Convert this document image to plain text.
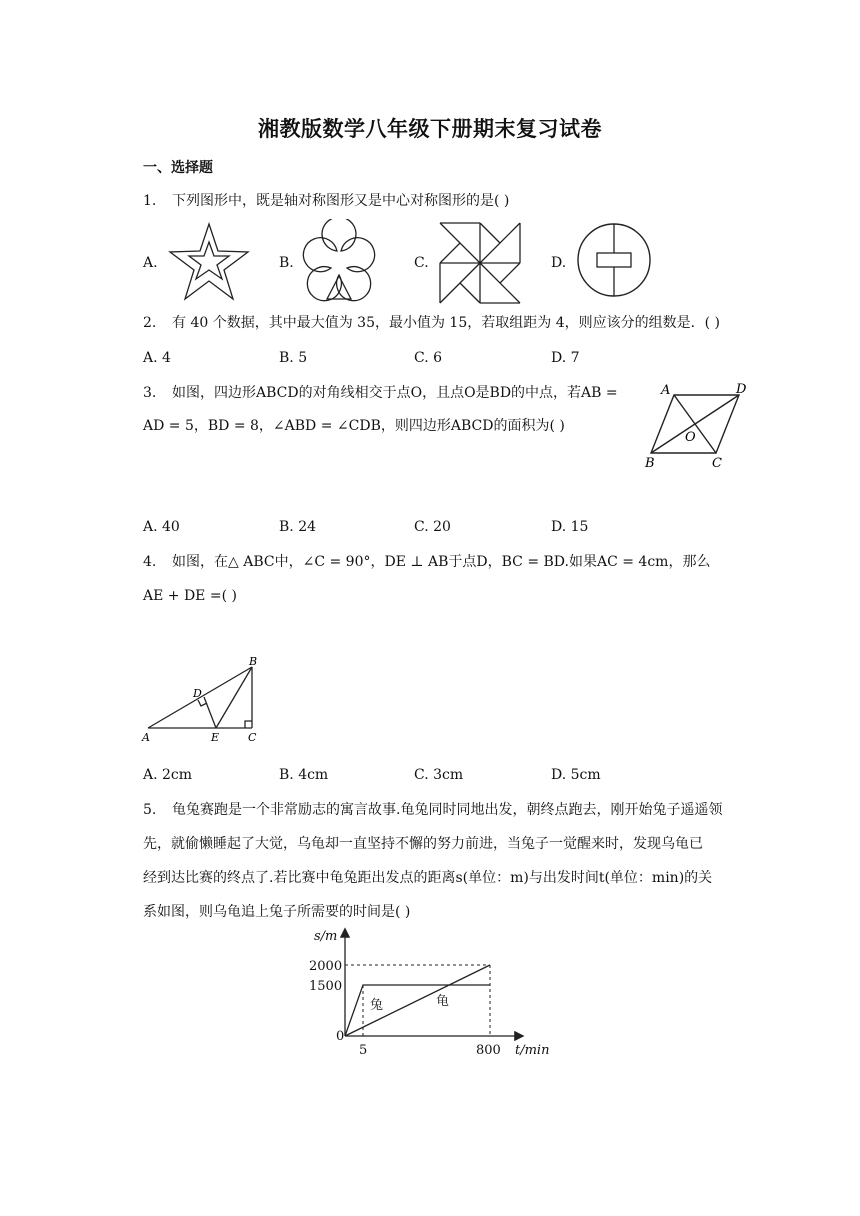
湘教版数学八年级下册期末复习试卷
一、选择题
1. 下列图形中，既是轴对称图形又是中心对称图形的是( )
A.	B.	C.	D.
2. 有 40 个数据，其中最大值为 35，最小值为 15，若取组距为 4，则应该分的组数是．( )
A. 4	B. 5	C. 6	D. 7
3. 如图，四边形ABCD的对角线相交于点O，且点O是BD的中点，若AB =
AD = 5，BD = 8，∠ABD = ∠CDB，则四边形ABCD的面积为( )
A	D
O
B	C
A. 40	B. 24	C. 20	D. 15
4. 如图，在△ ABC中，∠C = 90°，DE ⊥ AB于点D，BC = BD.如果AC = 4cm，那么
AE + DE =( )
B
D
A	E	C
A. 2cm	B. 4cm	C. 3cm	D. 5cm
5. 龟兔赛跑是一个非常励志的寓言故事.龟兔同时同地出发，朝终点跑去，刚开始兔子遥遥领
先，就偷懒睡起了大觉，乌龟却一直坚持不懈的努力前进，当兔子一觉醒来时，发现乌龟已
经到达比赛的终点了.若比赛中龟兔距出发点的距离s(单位：m)与出发时间t(单位：min)的关
系如图，则乌龟追上兔子所需要的时间是( )
s/m
t/min
0
2000
1500
5	800
兔	龟
